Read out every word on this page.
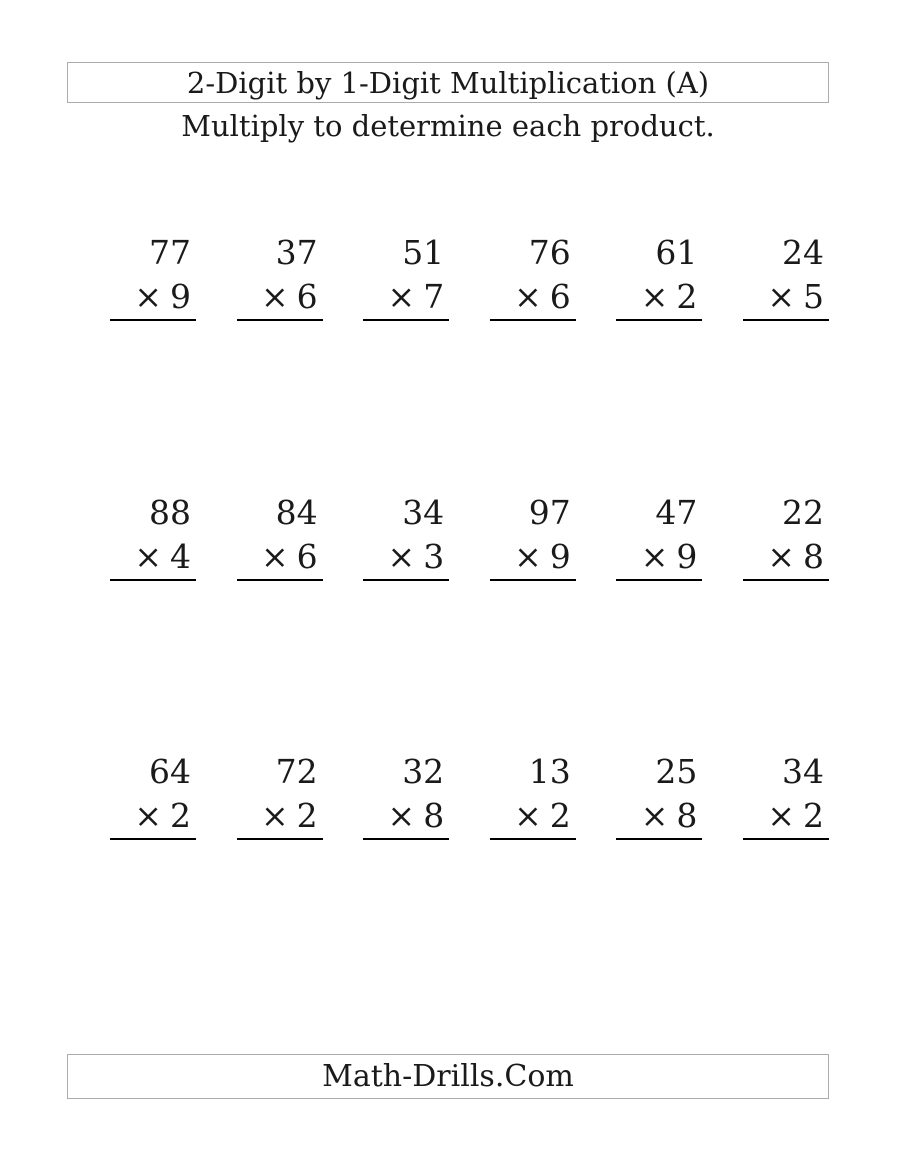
2-Digit by 1-Digit Multiplication (A)
Multiply to determine each product.
77
× 9
37
× 6
51
× 7
76
× 6
61
× 2
24
× 5
88
× 4
84
× 6
34
× 3
97
× 9
47
× 9
22
× 8
64
× 2
72
× 2
32
× 8
13
× 2
25
× 8
34
× 2
Math-Drills.Com
